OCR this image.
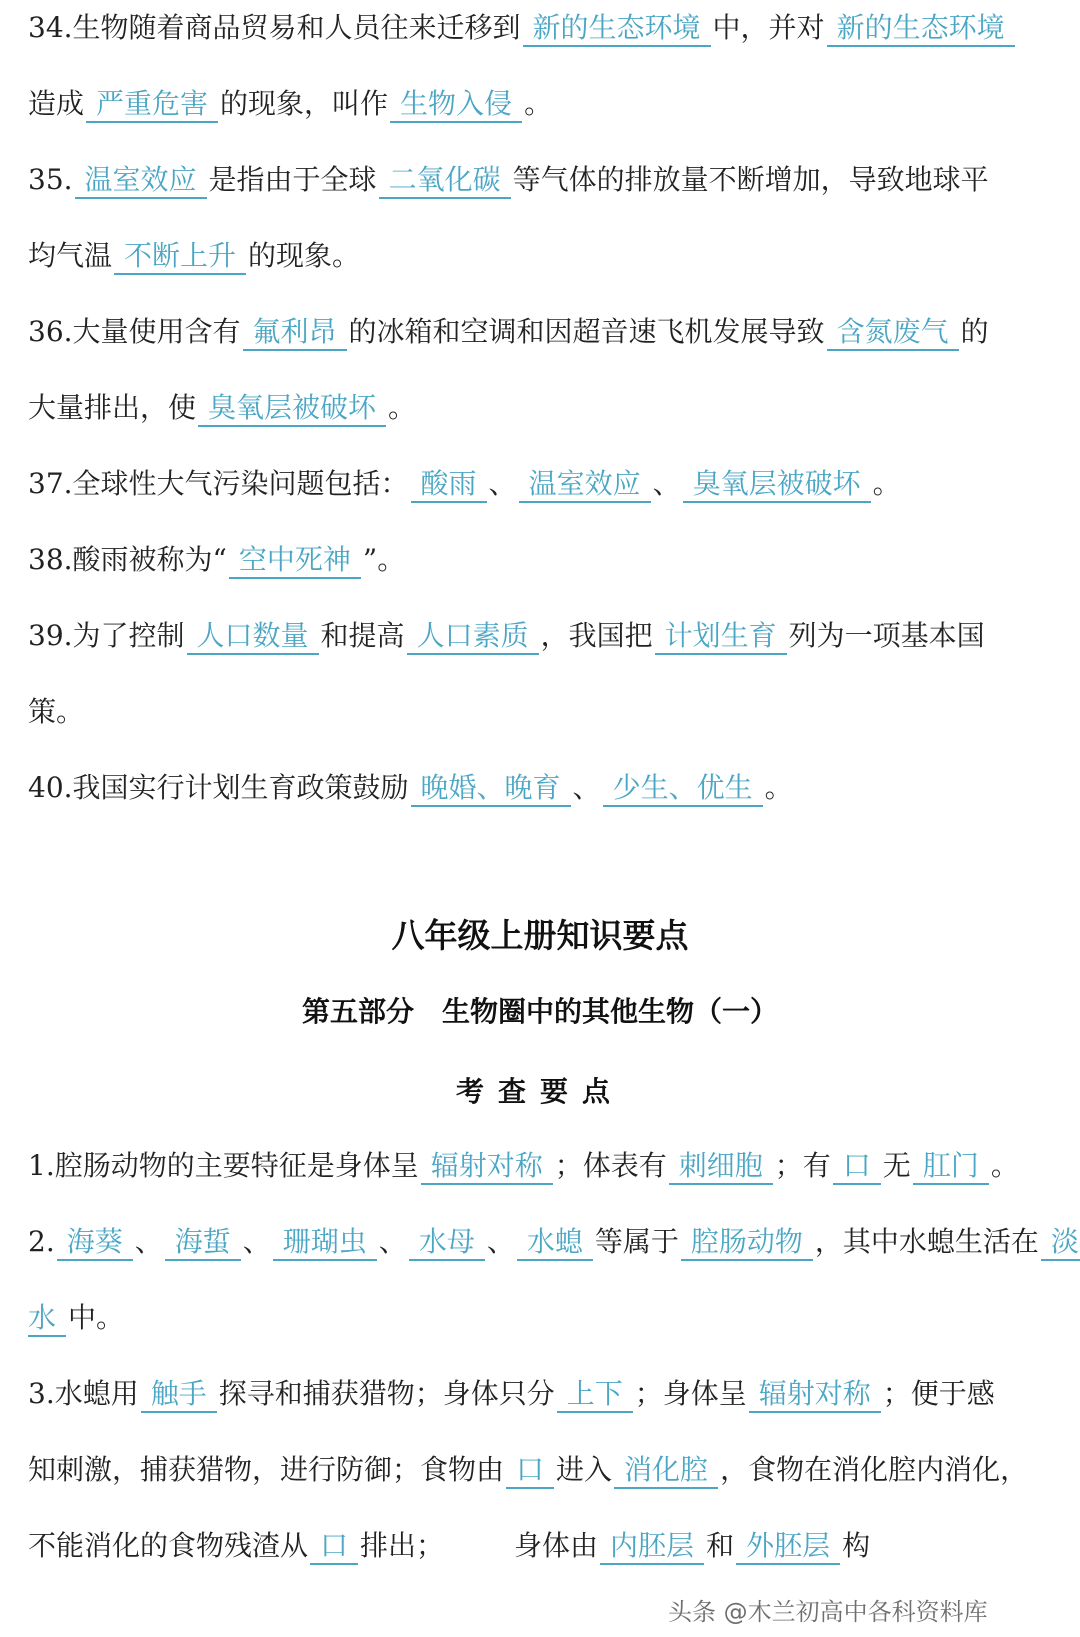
34.生物随着商品贸易和人员往来迁移到 新的生态环境 中，并对 新的生态环境
造成 严重危害 的现象，叫作 生物入侵 。
35. 温室效应 是指由于全球 二氧化碳 等气体的排放量不断增加，导致地球平
均气温 不断上升 的现象。
36.大量使用含有 氟利昂 的冰箱和空调和因超音速飞机发展导致 含氮废气 的
大量排出，使 臭氧层被破坏 。
37.全球性大气污染问题包括： 酸雨 、 温室效应 、 臭氧层被破坏 。
38.酸雨被称为“ 空中死神 ”。
39.为了控制 人口数量 和提高 人口素质 ，我国把 计划生育 列为一项基本国
策。
40.我国实行计划生育政策鼓励 晚婚、晚育 、 少生、优生 。
八年级上册知识要点
第五部分　生物圈中的其他生物（一）
考查要点
1.腔肠动物的主要特征是身体呈 辐射对称 ；体表有 刺细胞 ；有 口 无 肛门 。
2. 海葵 、 海蜇 、 珊瑚虫 、 水母 、 水螅 等属于 腔肠动物 ，其中水螅生活在 淡
水 中。
3.水螅用 触手 探寻和捕获猎物；身体只分 上下 ；身体呈 辐射对称 ；便于感
知刺激，捕获猎物，进行防御；食物由 口 进入 消化腔 ，食物在消化腔内消化，
不能消化的食物残渣从 口 排出；　　　身体由 内胚层 和 外胚层 构
头条 @木兰初高中各科资料库
